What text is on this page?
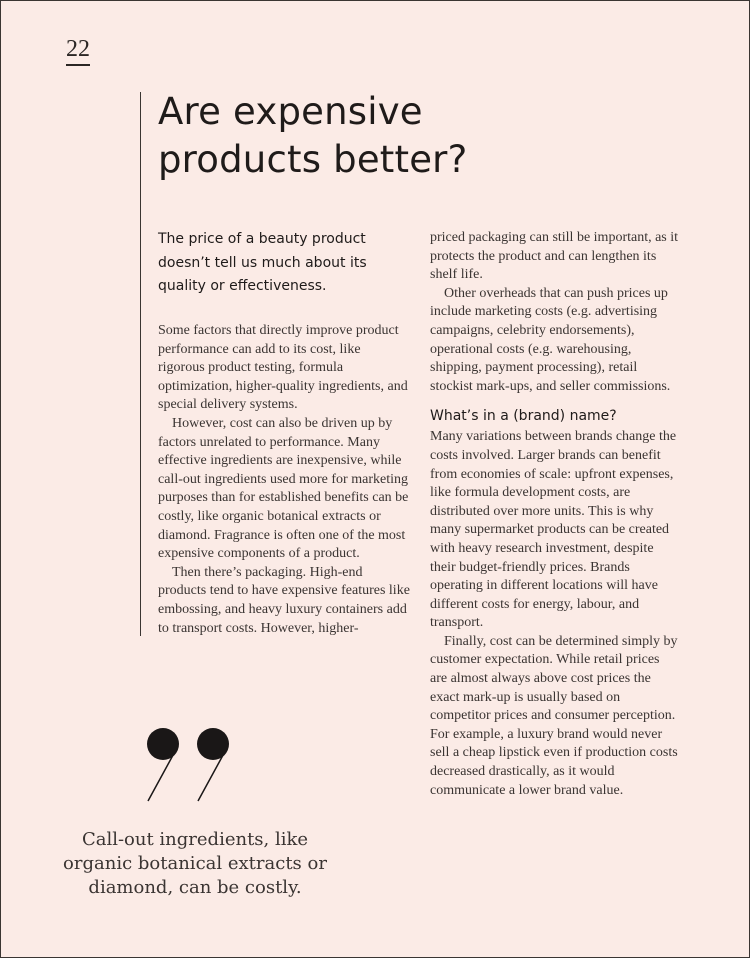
22
Are expensive
products better?

The price of a beauty product doesn’t tell us much about its quality or effectiveness.

Some factors that directly improve product performance can add to its cost, like rigorous product testing, formula optimization, higher-quality ingredients, and special delivery systems.

However, cost can also be driven up by factors unrelated to performance. Many effective ingredients are inexpensive, while call-out ingredients used more for marketing purposes than for established benefits can be costly, like organic botanical extracts or diamond. Fragrance is often one of the most expensive components of a product.

Then there’s packaging. High-end products tend to have expensive features like embossing, and heavy luxury containers add to transport costs. However, higher-

priced packaging can still be important, as it protects the product and can lengthen its shelf life.

Other overheads that can push prices up include marketing costs (e.g. advertising campaigns, celebrity endorsements), operational costs (e.g. warehousing, shipping, payment processing), retail stockist mark-ups, and seller commissions.

What’s in a (brand) name?

Many variations between brands change the costs involved. Larger brands can benefit from economies of scale: upfront expenses, like formula development costs, are distributed over more units. This is why many supermarket products can be created with heavy research investment, despite their budget-friendly prices. Brands operating in different locations will have different costs for energy, labour, and transport.

Finally, cost can be determined simply by customer expectation. While retail prices are almost always above cost prices the exact mark-up is usually based on competitor prices and consumer perception. For example, a luxury brand would never sell a cheap lipstick even if production costs decreased drastically, as it would communicate a lower brand value.

Call-out ingredients, like organic botanical extracts or diamond, can be costly.
